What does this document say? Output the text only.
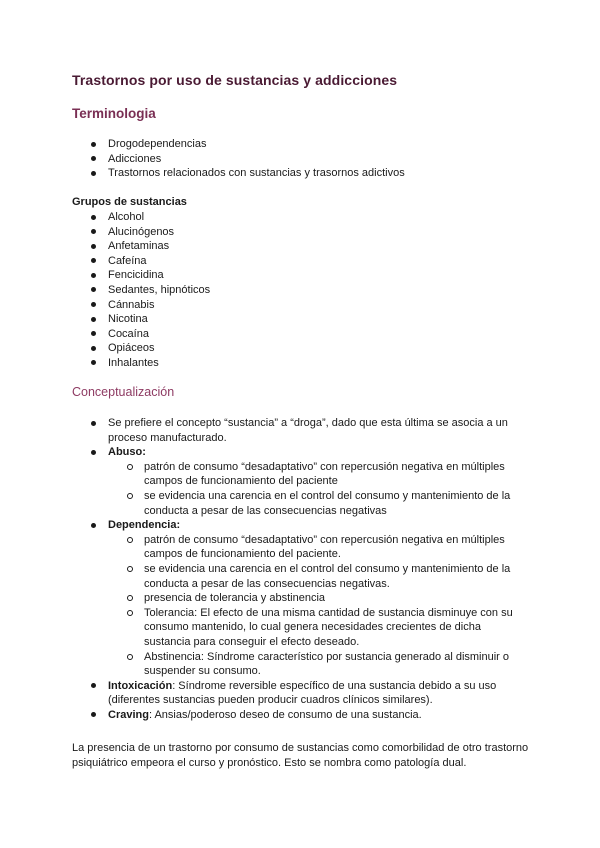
Trastornos por uso de sustancias y addicciones
Terminologia
Drogodependencias
Adicciones
Trastornos relacionados con sustancias y trasornos adictivos

Grupos de sustancias

Alcohol
Alucinógenos
Anfetaminas
Cafeína
Fencicidina
Sedantes, hipnóticos
Cánnabis
Nicotina
Cocaína
Opiáceos
Inhalantes
Conceptualización
Se prefiere el concepto “sustancia” a “droga”, dado que esta última se asocia a un proceso manufacturado.
Abuso:
patrón de consumo “desadaptativo” con repercusión negativa en múltiples campos de funcionamiento del paciente
se evidencia una carencia en el control del consumo y mantenimiento de la conducta a pesar de las consecuencias negativas
Dependencia:
patrón de consumo “desadaptativo” con repercusión negativa en múltiples campos de funcionamiento del paciente.
se evidencia una carencia en el control del consumo y mantenimiento de la conducta a pesar de las consecuencias negativas.
presencia de tolerancia y abstinencia
Tolerancia: El efecto de una misma cantidad de sustancia disminuye con su consumo mantenido, lo cual genera necesidades crecientes de dicha sustancia para conseguir el efecto deseado.
Abstinencia: Síndrome característico por sustancia generado al disminuir o suspender su consumo.
Intoxicación: Síndrome reversible específico de una sustancia debido a su uso (diferentes sustancias pueden producir cuadros clínicos similares).
Craving: Ansias/poderoso deseo de consumo de una sustancia.

La presencia de un trastorno por consumo de sustancias como comorbilidad de otro trastorno psiquiátrico empeora el curso y pronóstico. Esto se nombra como patología dual.
